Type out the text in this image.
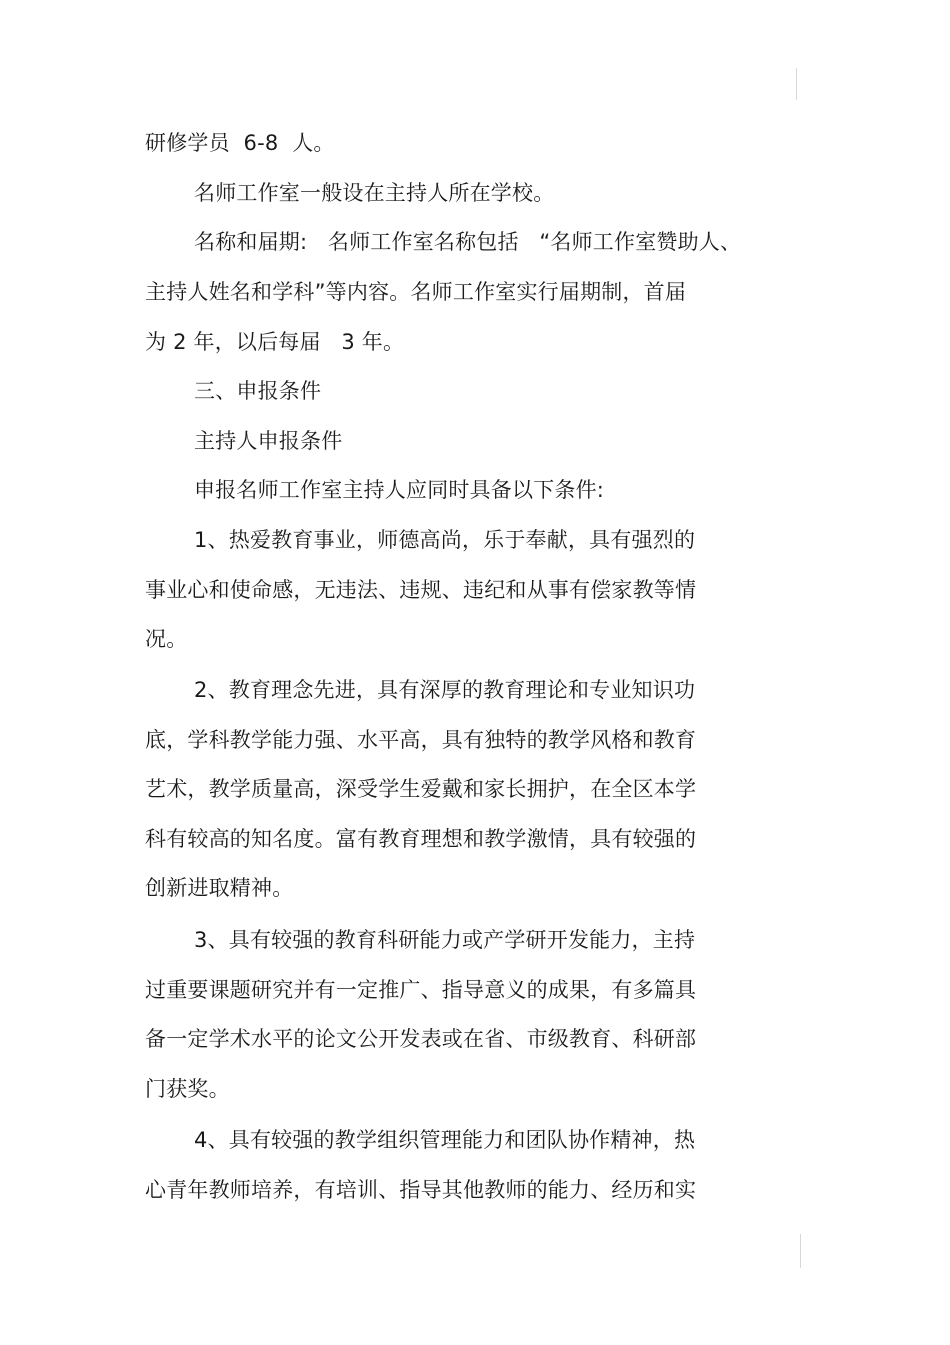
研修学员  6-8  人。
名师工作室一般设在主持人所在学校。
名称和届期:   名师工作室名称包括   “名师工作室赞助人、
主持人姓名和学科”等内容。名师工作室实行届期制，首届
为 2 年，以后每届   3 年。
三、申报条件
主持人申报条件
申报名师工作室主持人应同时具备以下条件:
1、热爱教育事业，师德高尚，乐于奉献，具有强烈的
事业心和使命感，无违法、违规、违纪和从事有偿家教等情
况。
2、教育理念先进，具有深厚的教育理论和专业知识功
底，学科教学能力强、水平高，具有独特的教学风格和教育
艺术，教学质量高，深受学生爱戴和家长拥护，在全区本学
科有较高的知名度。富有教育理想和教学激情，具有较强的
创新进取精神。
3、具有较强的教育科研能力或产学研开发能力，主持
过重要课题研究并有一定推广、指导意义的成果，有多篇具
备一定学术水平的论文公开发表或在省、市级教育、科研部
门获奖。
4、具有较强的教学组织管理能力和团队协作精神，热
心青年教师培养，有培训、指导其他教师的能力、经历和实
